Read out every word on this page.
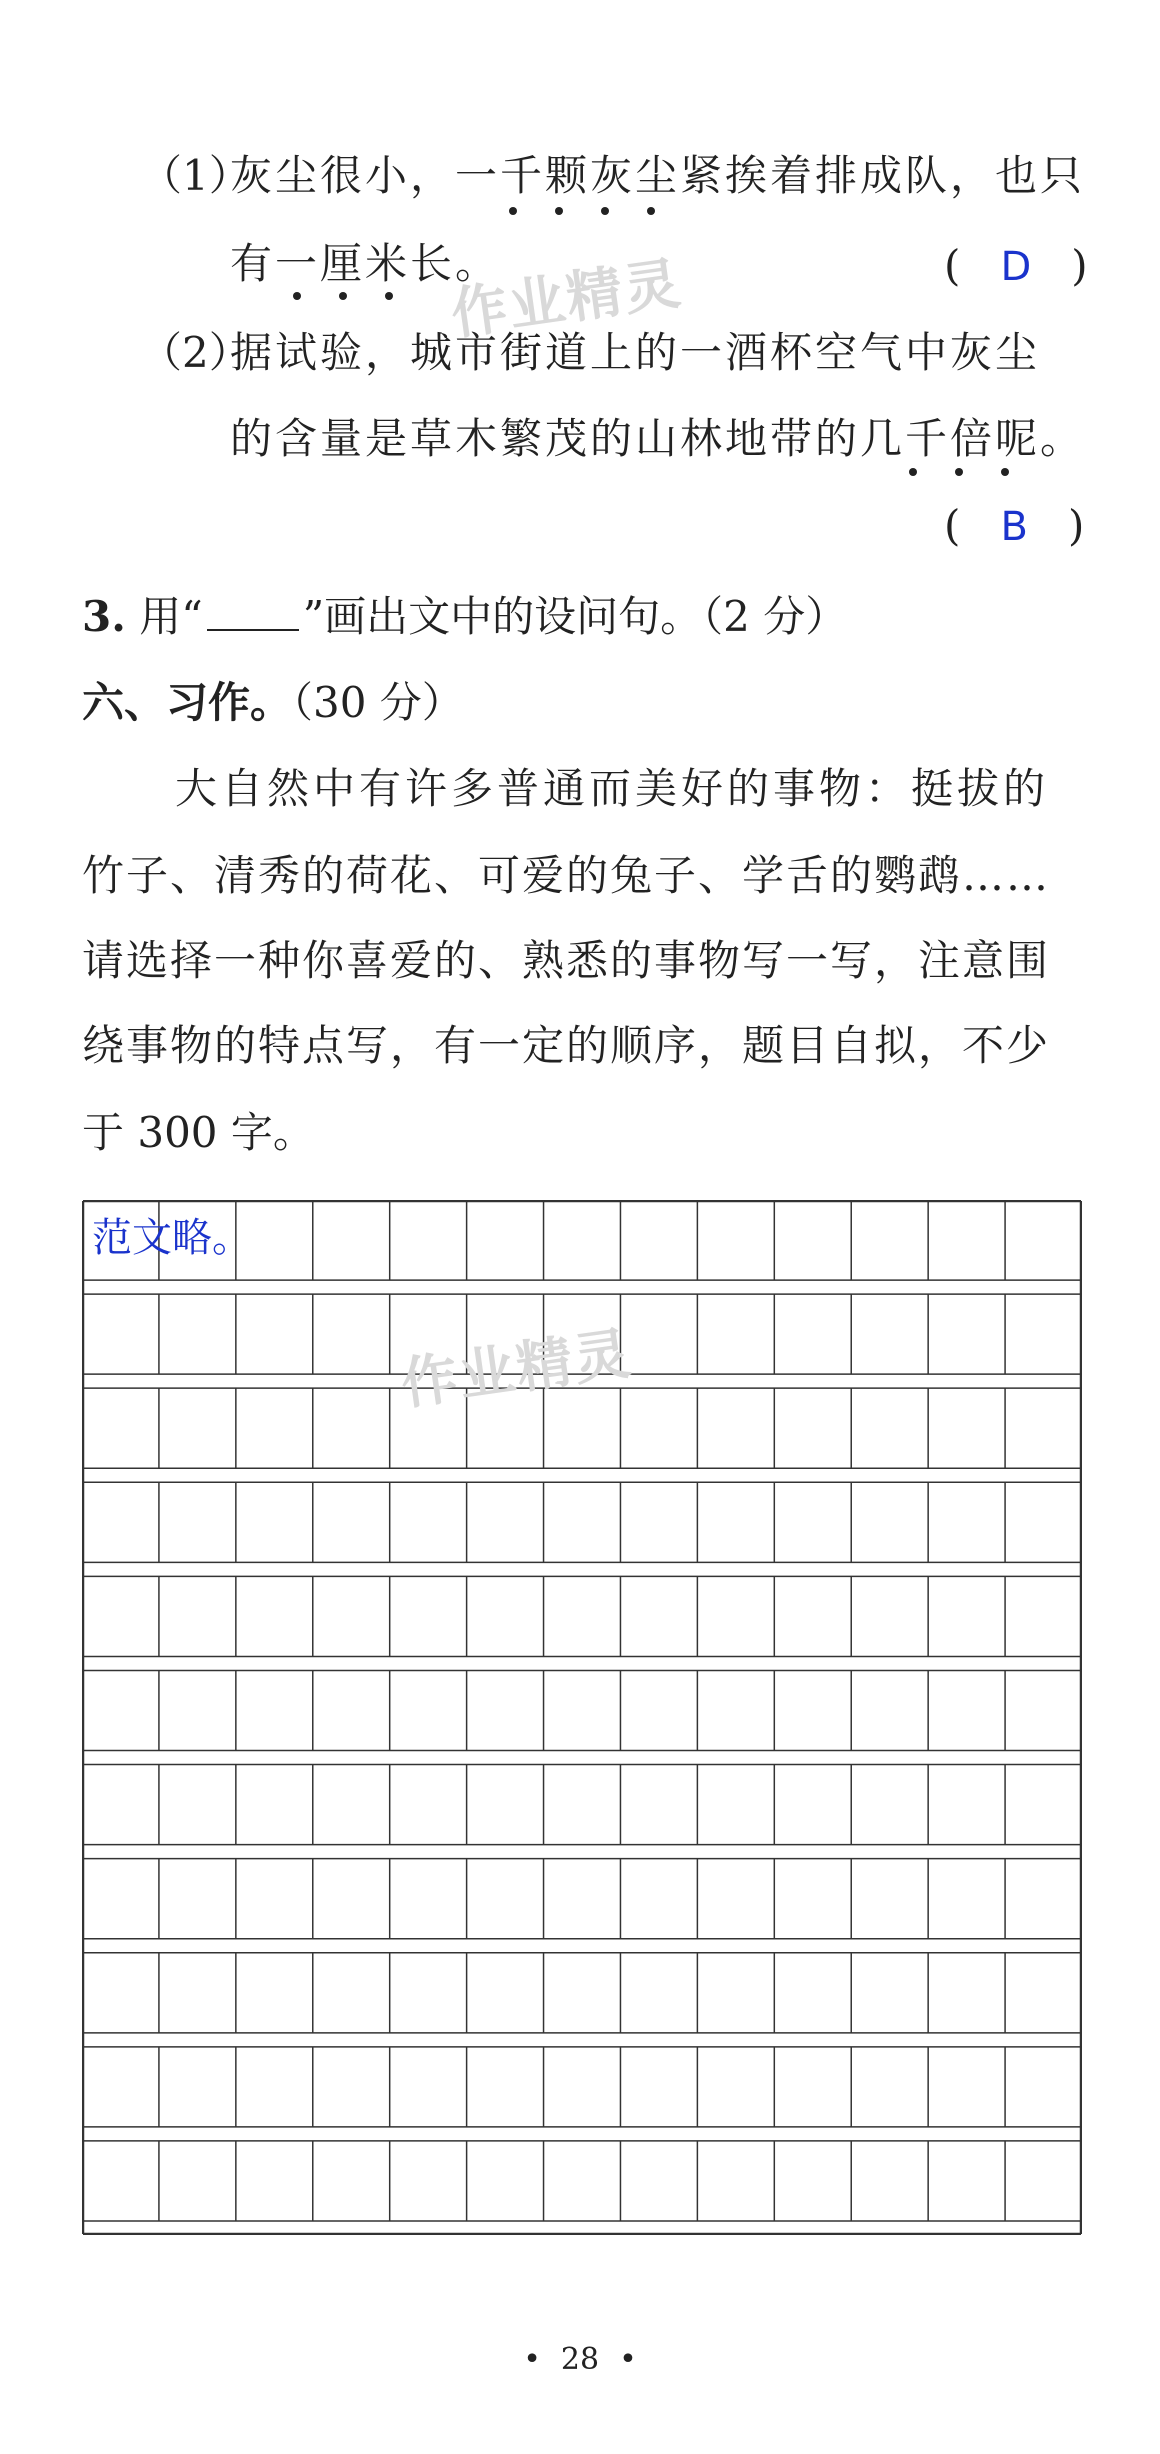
（1）
灰尘很小，一千颗灰尘紧挨着排成队，也只
有一厘米长。	(   D   )
（2）
据试验，城市街道上的一酒杯空气中灰尘
的含量是草木繁茂的山林地带的几千倍呢。
(   B   )
3. 用“ ”画出文中的设问句。（2 分）
六、习作。（30 分）
大自然中有许多普通而美好的事物：挺拔的
竹子、清秀的荷花、可爱的兔子、学舌的鹦鹉……
请选择一种你喜爱的、熟悉的事物写一写，注意围
绕事物的特点写，有一定的顺序，题目自拟，不少
于 300 字。
范文略。
作业精灵
作业精灵
• 28 •
